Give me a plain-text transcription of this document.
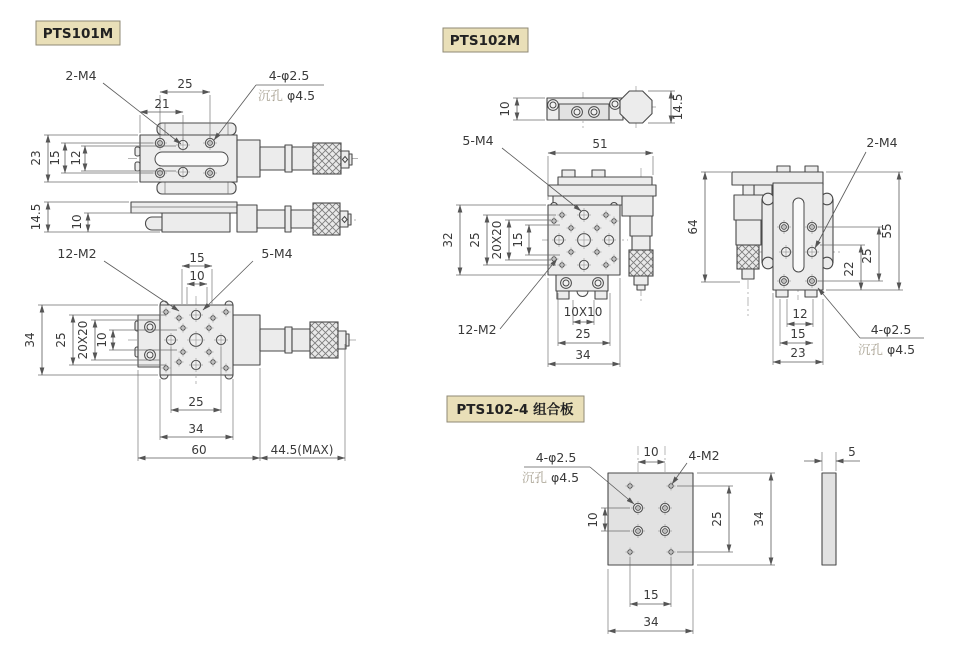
PTS101M
25
21
2-M4	4-φ2.5
沉孔 φ4.5
23 15 12
14.5 10
12-M2	5-M4
15
10
34 25 20X20 10
25
34
60	44.5(MAX)
PTS102M
10	14.5
51
5-M4
12-M2
32 25 20X20 15
10X10
25
34
64
2-M4
55
25
22
12
15
23
4-φ2.5
沉孔 φ4.5
PTS102-4 组合板
4-φ2.5
沉孔 φ4.5
10 4-M2
10	25 34
15
34
5
